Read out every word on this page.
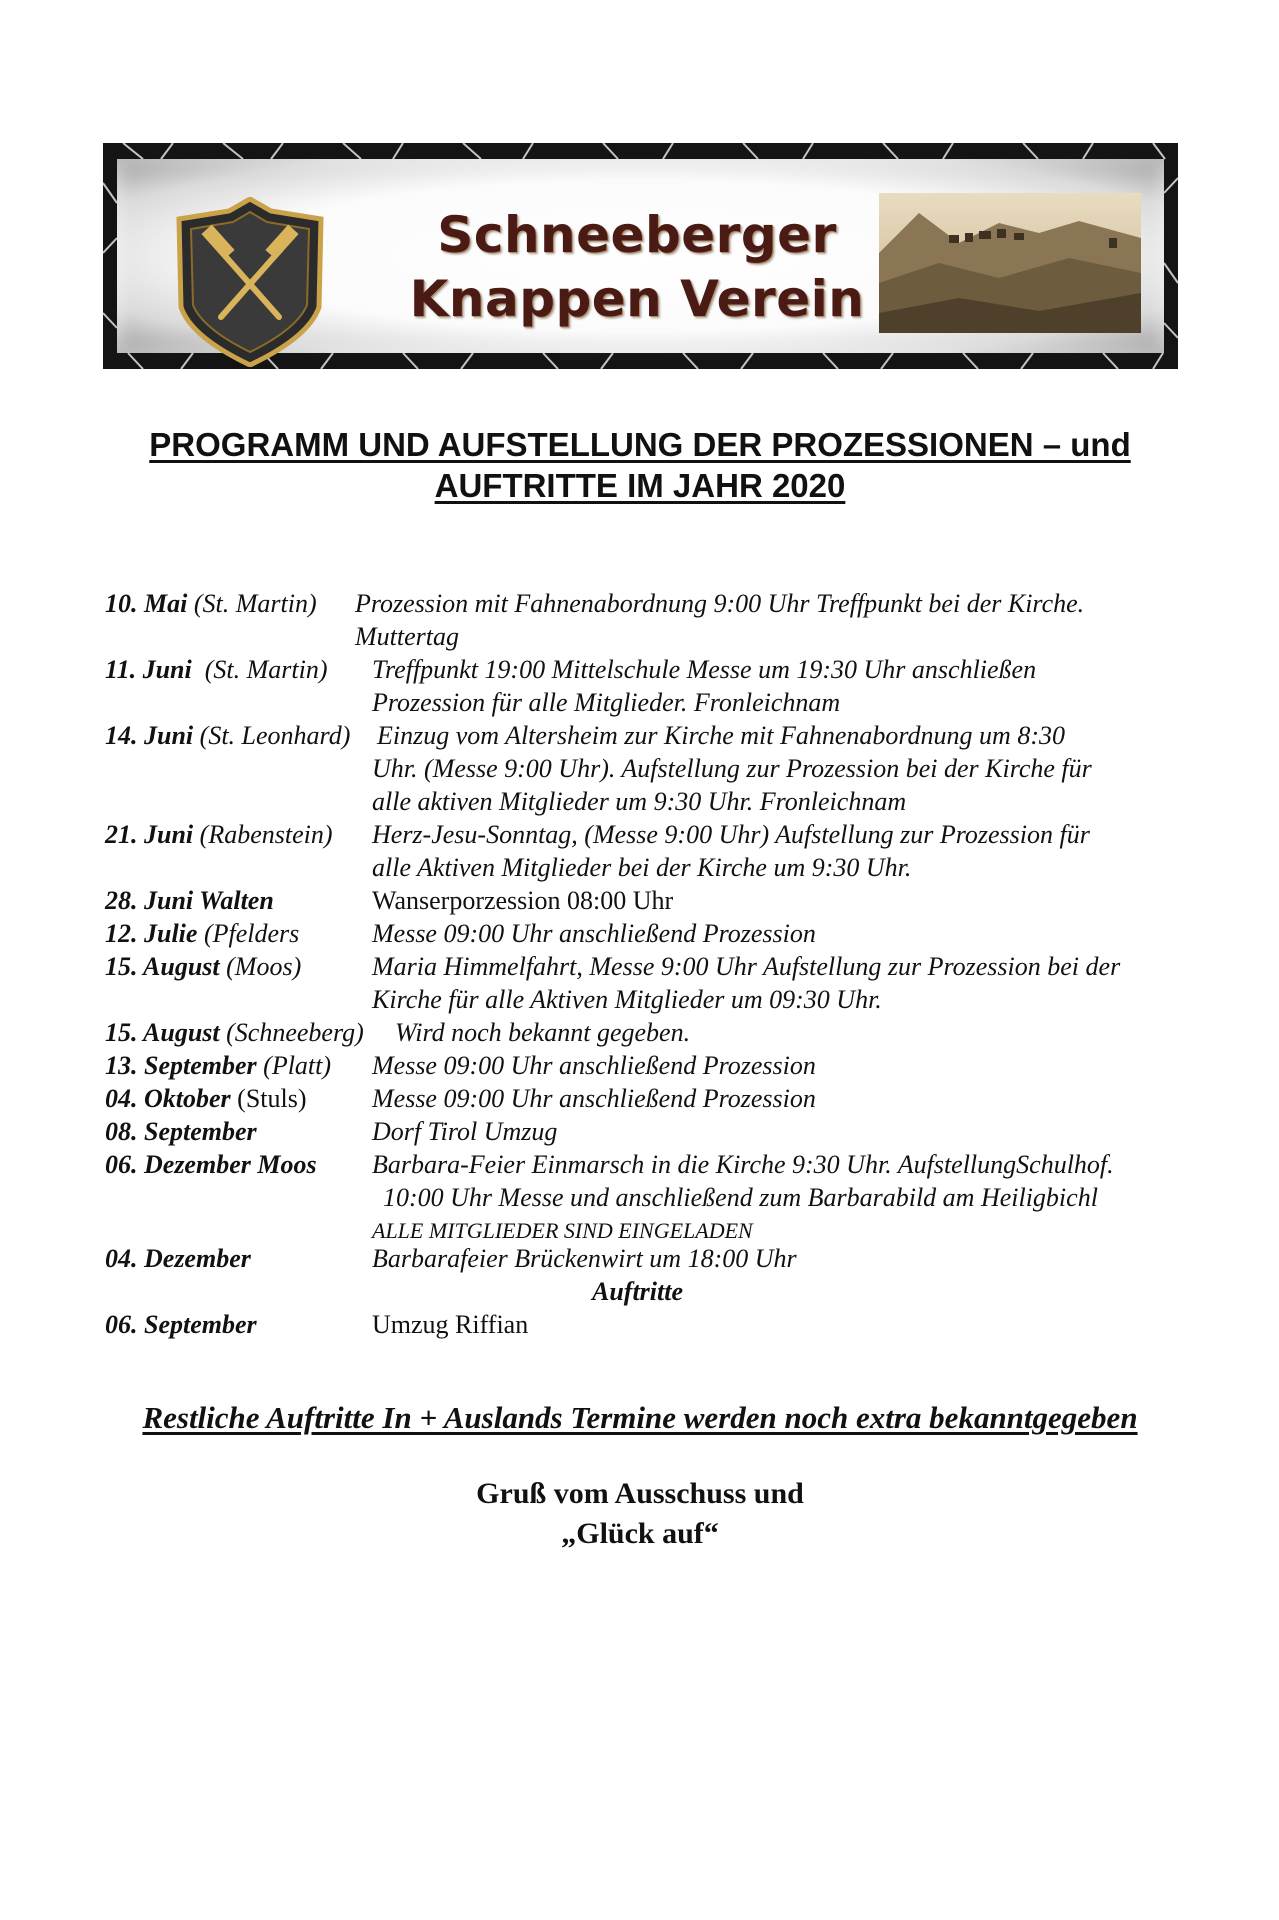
Schneeberger
Knappen Verein
PROGRAMM UND AUFSTELLUNG DER PROZESSIONEN – und
AUFTRITTE IM JAHR 2020
10. Mai (St. Martin) Prozession mit Fahnenabordnung 9:00 Uhr Treffpunkt bei der Kirche.
Muttertag
11. Juni (St. Martin) Treffpunkt 19:00 Mittelschule Messe um 19:30 Uhr anschließen
Prozession für alle Mitglieder. Fronleichnam
14. Juni (St. Leonhard) Einzug vom Altersheim zur Kirche mit Fahnenabordnung um 8:30
Uhr. (Messe 9:00 Uhr). Aufstellung zur Prozession bei der Kirche für
alle aktiven Mitglieder um 9:30 Uhr. Fronleichnam
21. Juni (Rabenstein) Herz-Jesu-Sonntag, (Messe 9:00 Uhr) Aufstellung zur Prozession für
alle Aktiven Mitglieder bei der Kirche um 9:30 Uhr.
28. Juni Walten	Wanserporzession 08:00 Uhr
12. Julie (Pfelders	Messe 09:00 Uhr anschließend Prozession
15. August (Moos)	Maria Himmelfahrt, Messe 9:00 Uhr Aufstellung zur Prozession bei der
Kirche für alle Aktiven Mitglieder um 09:30 Uhr.
15. August (Schneeberg) Wird noch bekannt gegeben.
13. September (Platt) Messe 09:00 Uhr anschließend Prozession
04. Oktober (Stuls)	Messe 09:00 Uhr anschließend Prozession
08. September	Dorf Tirol Umzug
06. Dezember Moos Barbara-Feier Einmarsch in die Kirche 9:30 Uhr. AufstellungSchulhof.
10:00 Uhr Messe und anschließend zum Barbarabild am Heiligbichl
ALLE MITGLIEDER SIND EINGELADEN
04. Dezember	Barbarafeier Brückenwirt um 18:00 Uhr
Auftritte
06. September	Umzug Riffian
Restliche Auftritte In + Auslands Termine werden noch extra bekanntgegeben
Gruß vom Ausschuss und
„Glück auf“
